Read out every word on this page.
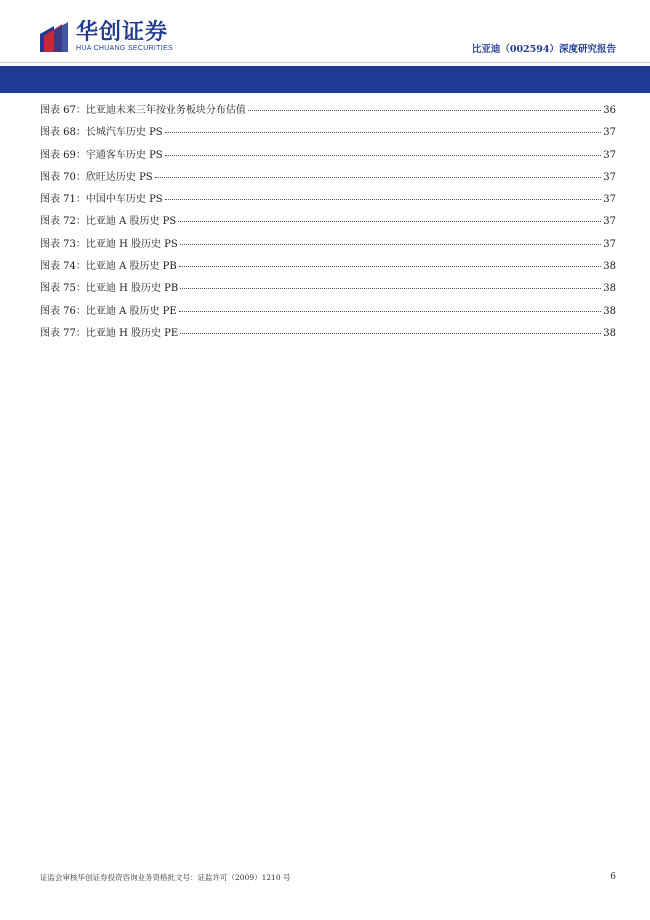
华创证券
HUA CHUANG SECURITIES	比亚迪（002594）深度研究报告
图表 67：比亚迪未来三年按业务板块分布估值	36
图表 68：长城汽车历史 PS	37
图表 69：宇通客车历史 PS	37
图表 70：欣旺达历史 PS	37
图表 71：中国中车历史 PS	37
图表 72：比亚迪 A 股历史 PS	37
图表 73：比亚迪 H 股历史 PS	37
图表 74：比亚迪 A 股历史 PB	38
图表 75：比亚迪 H 股历史 PB	38
图表 76：比亚迪 A 股历史 PE	38
图表 77：比亚迪 H 股历史 PE	38
证监会审核华创证券投资咨询业务资格批文号：证监许可（2009）1210 号	6
